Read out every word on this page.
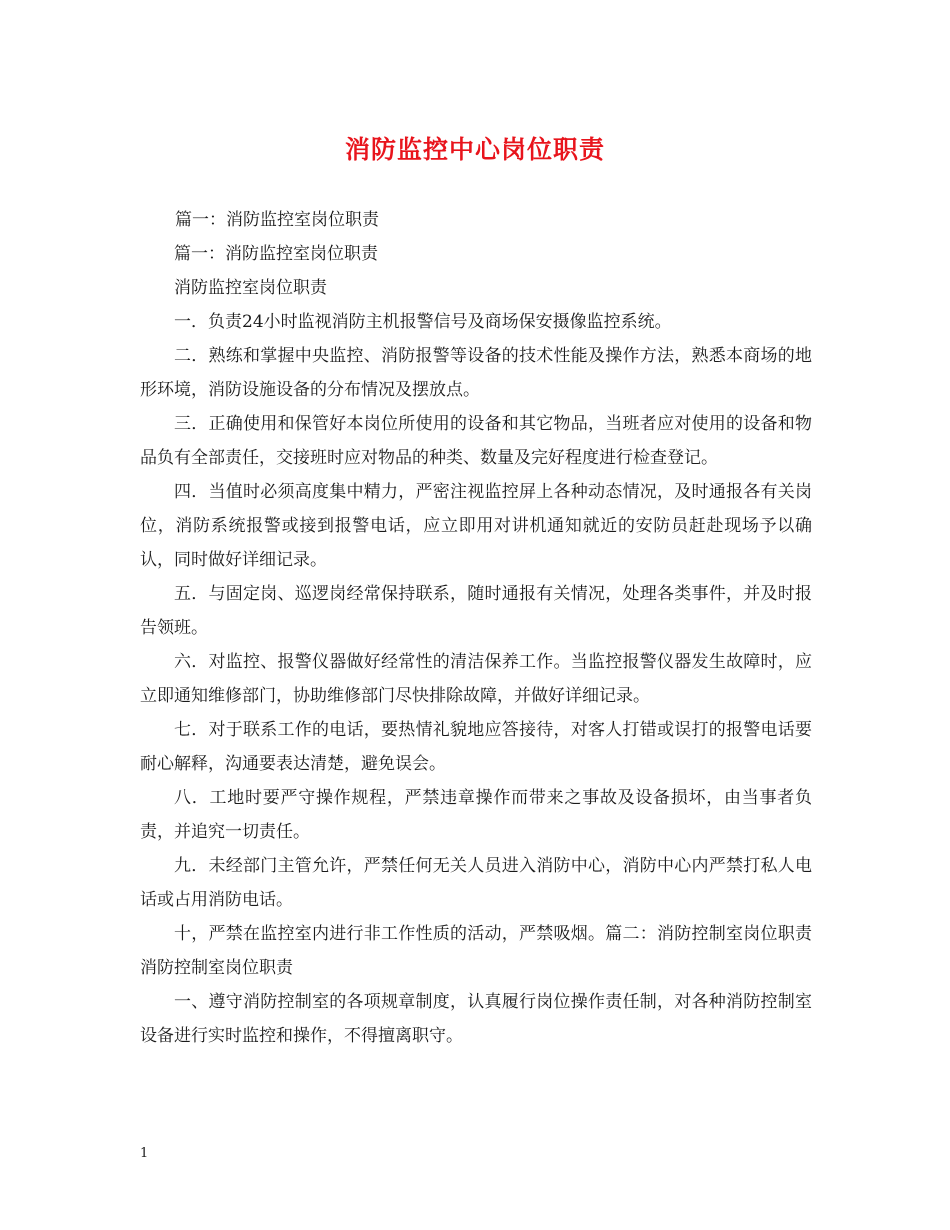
消防监控中心岗位职责

篇一：消防监控室岗位职责

篇一：消防监控室岗位职责

消防监控室岗位职责

一．负责24小时监视消防主机报警信号及商场保安摄像监控系统。

二．熟练和掌握中央监控、消防报警等设备的技术性能及操作方法，熟悉本商场的地形环境，消防设施设备的分布情况及摆放点。

三．正确使用和保管好本岗位所使用的设备和其它物品，当班者应对使用的设备和物品负有全部责任，交接班时应对物品的种类、数量及完好程度进行检查登记。

四．当值时必须高度集中精力，严密注视监控屏上各种动态情况，及时通报各有关岗位，消防系统报警或接到报警电话，应立即用对讲机通知就近的安防员赶赴现场予以确认，同时做好详细记录。

五．与固定岗、巡逻岗经常保持联系，随时通报有关情况，处理各类事件，并及时报告领班。

六．对监控、报警仪器做好经常性的清洁保养工作。当监控报警仪器发生故障时，应立即通知维修部门，协助维修部门尽快排除故障，并做好详细记录。

七．对于联系工作的电话，要热情礼貌地应答接待，对客人打错或误打的报警电话要耐心解释，沟通要表达清楚，避免误会。

八．工地时要严守操作规程，严禁违章操作而带来之事故及设备损坏，由当事者负责，并追究一切责任。

九．未经部门主管允许，严禁任何无关人员进入消防中心，消防中心内严禁打私人电话或占用消防电话。

十，严禁在监控室内进行非工作性质的活动，严禁吸烟。篇二：消防控制室岗位职责 消防控制室岗位职责

一、遵守消防控制室的各项规章制度，认真履行岗位操作责任制，对各种消防控制室设备进行实时监控和操作，不得擅离职守。

1
